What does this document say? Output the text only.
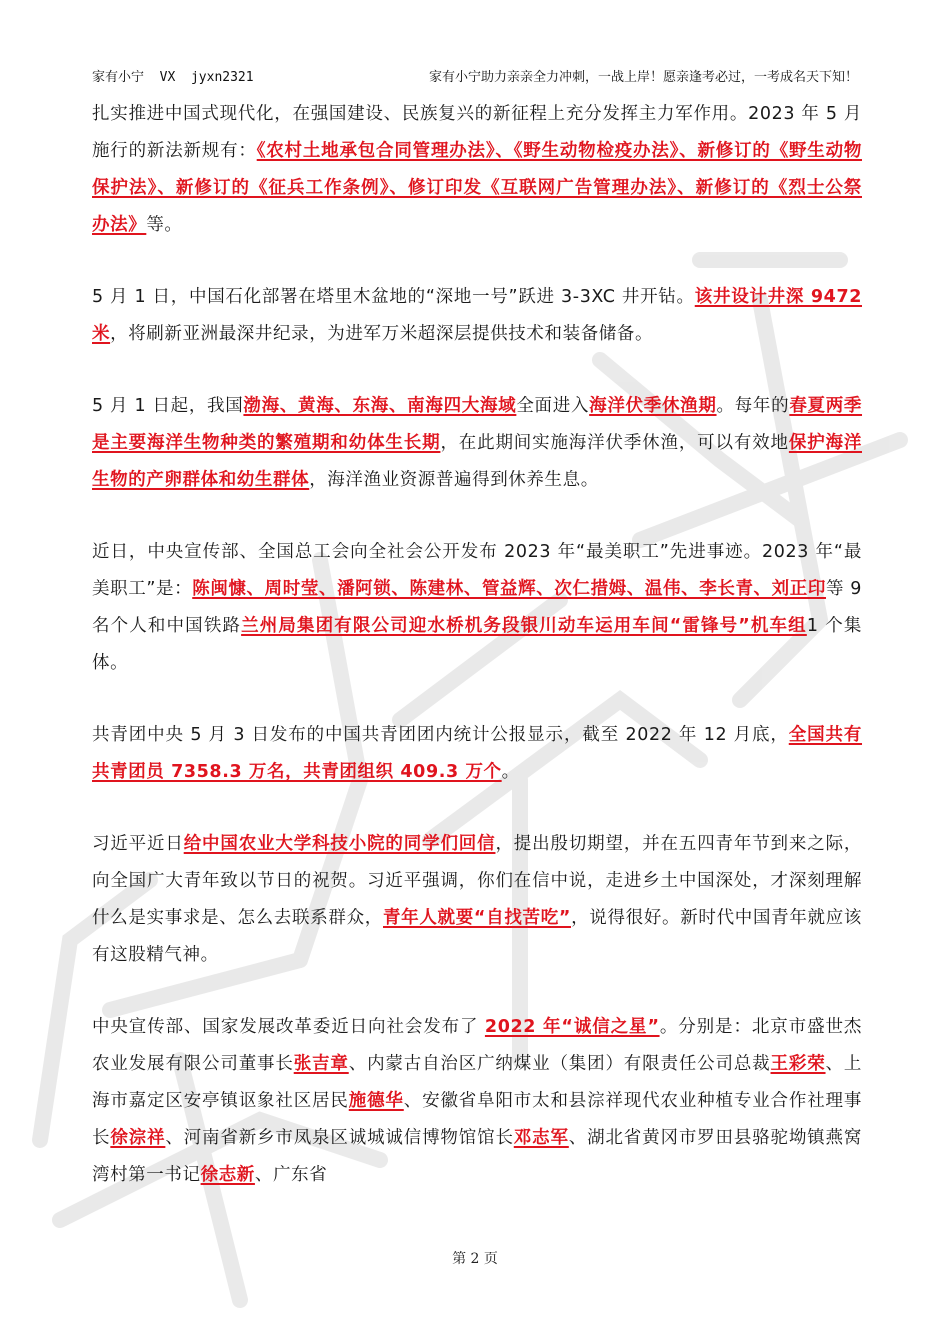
家有小宁  VX  jyxn2321	家有小宁助力亲亲全力冲刺，一战上岸！愿亲逢考必过，一考成名天下知！

扎实推进中国式现代化，在强国建设、民族复兴的新征程上充分发挥主力军作用。2023 年 5 月施行的新法新规有：《农村土地承包合同管理办法》、《野生动物检疫办法》、新修订的《野生动物保护法》、新修订的《征兵工作条例》、修订印发《互联网广告管理办法》、新修订的《烈士公祭办法》等。

5 月 1 日，中国石化部署在塔里木盆地的“深地一号”跃进 3-3XC 井开钻。该井设计井深 9472 米，将刷新亚洲最深井纪录，为进军万米超深层提供技术和装备储备。

5 月 1 日起，我国渤海、黄海、东海、南海四大海域全面进入海洋伏季休渔期。每年的春夏两季是主要海洋生物种类的繁殖期和幼体生长期，在此期间实施海洋伏季休渔，可以有效地保护海洋生物的产卵群体和幼生群体，海洋渔业资源普遍得到休养生息。

近日，中央宣传部、全国总工会向全社会公开发布 2023 年“最美职工”先进事迹。2023 年“最美职工”是：陈闽慷、周时莹、潘阿锁、陈建林、管益辉、次仁措姆、温伟、李长青、刘正印等 9 名个人和中国铁路兰州局集团有限公司迎水桥机务段银川动车运用车间“雷锋号”机车组1 个集体。

共青团中央 5 月 3 日发布的中国共青团团内统计公报显示，截至 2022 年 12 月底，全国共有共青团员 7358.3 万名，共青团组织 409.3 万个。

习近平近日给中国农业大学科技小院的同学们回信，提出殷切期望，并在五四青年节到来之际，向全国广大青年致以节日的祝贺。习近平强调，你们在信中说，走进乡土中国深处，才深刻理解什么是实事求是、怎么去联系群众，青年人就要“自找苦吃”，说得很好。新时代中国青年就应该有这股精气神。

中央宣传部、国家发展改革委近日向社会发布了 2022 年“诚信之星”。分别是：北京市盛世杰农业发展有限公司董事长张吉章、内蒙古自治区广纳煤业（集团）有限责任公司总裁王彩荣、上海市嘉定区安亭镇讴象社区居民施德华、安徽省阜阳市太和县淙祥现代农业种植专业合作社理事长徐淙祥、河南省新乡市凤泉区诚城诚信博物馆馆长邓志军、湖北省黄冈市罗田县骆驼坳镇燕窝湾村第一书记徐志新、广东省

第 2 页
